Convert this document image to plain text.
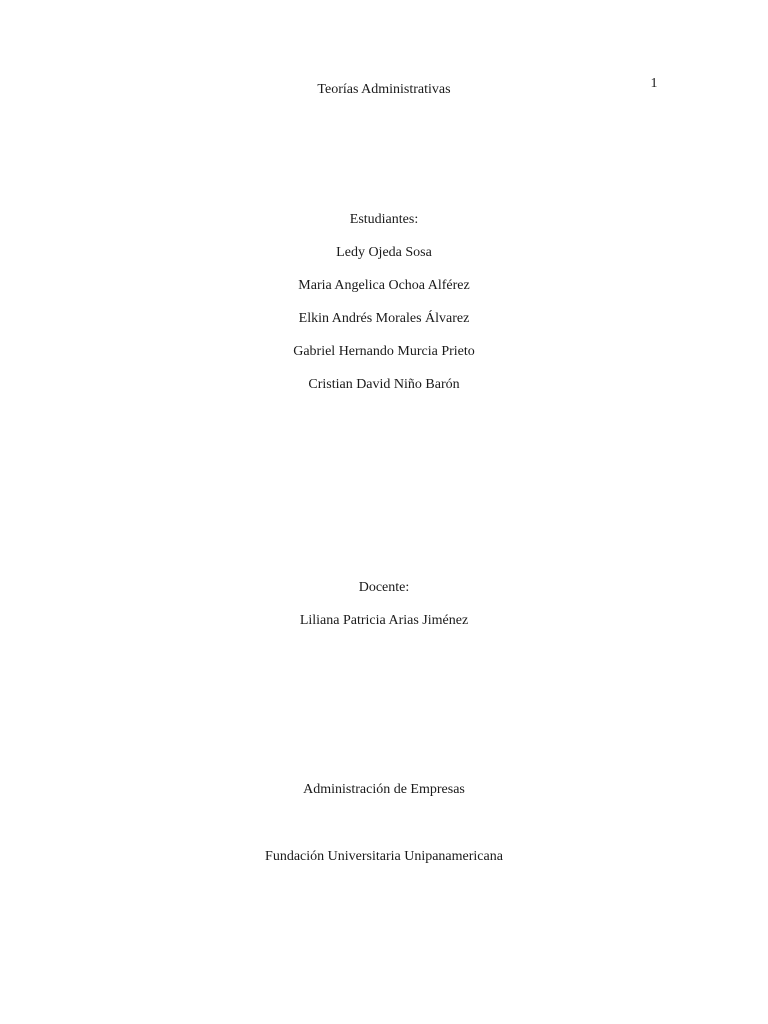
1
Teorías Administrativas
Estudiantes:
Ledy Ojeda Sosa
Maria Angelica Ochoa Alférez
Elkin Andrés Morales Álvarez
Gabriel Hernando Murcia Prieto
Cristian David Niño Barón
Docente:
Liliana Patricia Arias Jiménez
Administración de Empresas
Fundación Universitaria Unipanamericana
